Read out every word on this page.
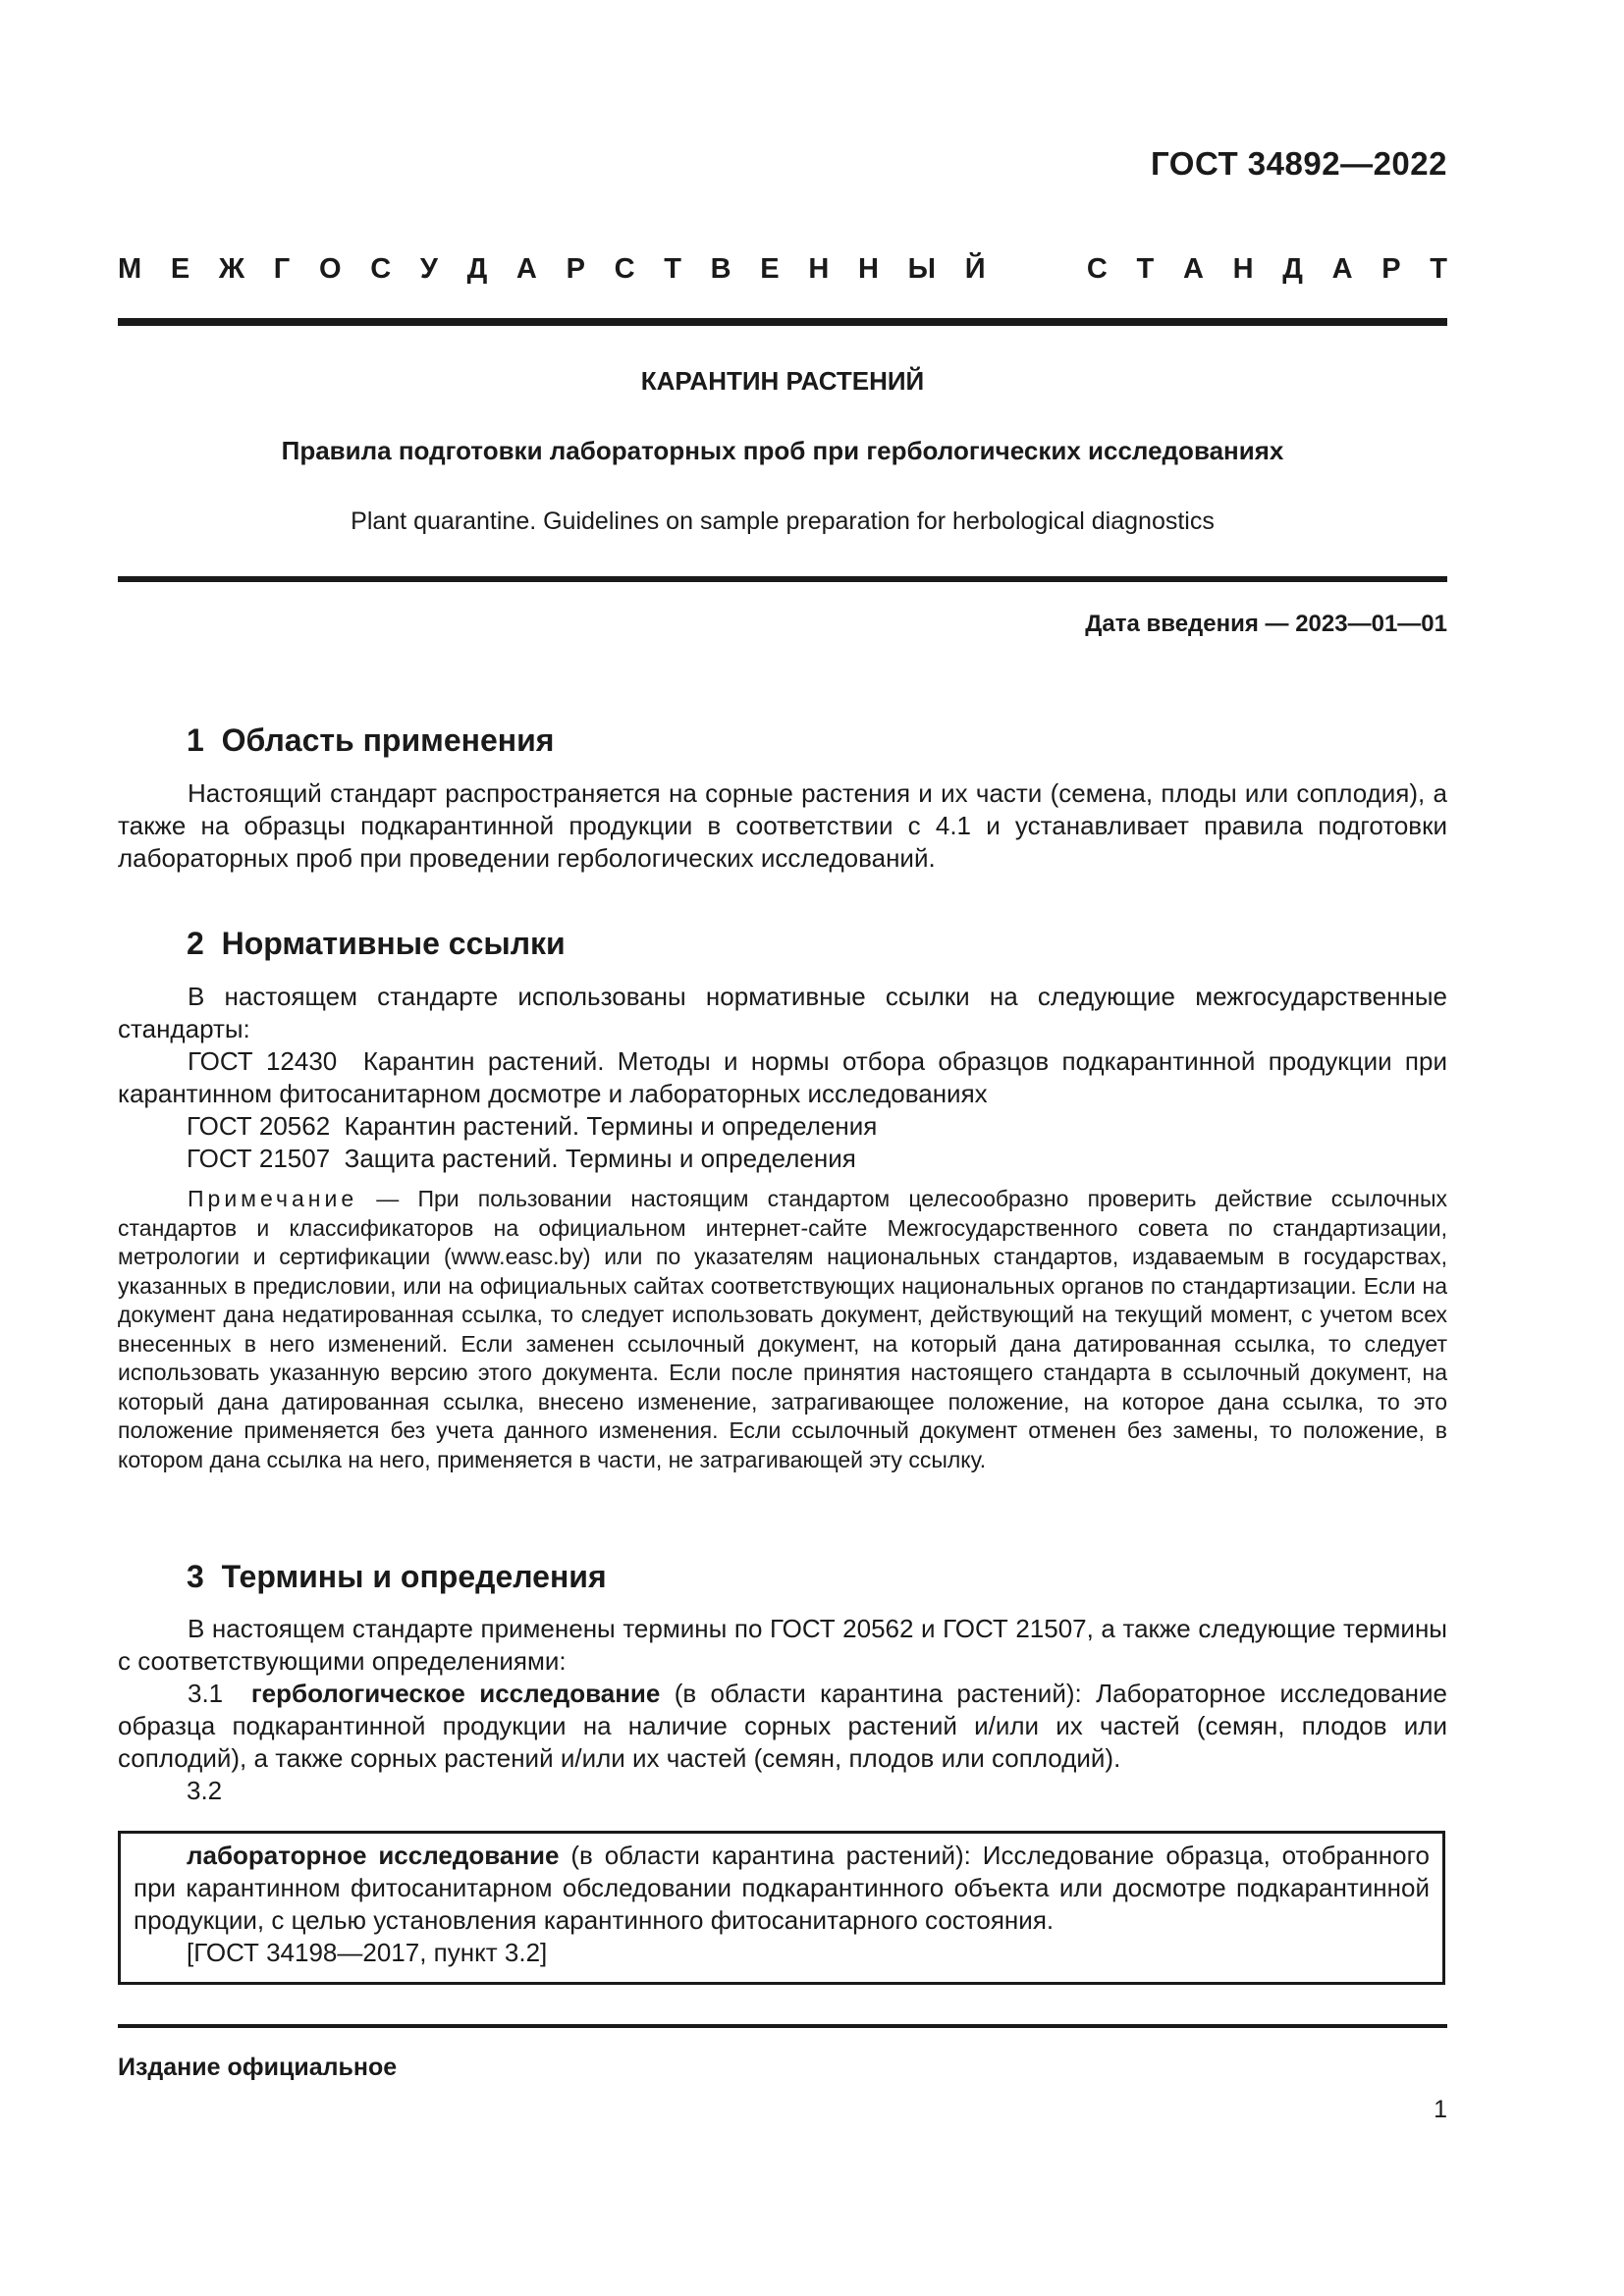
ГОСТ 34892—2022
М Е Ж Г О С У Д А Р С Т В Е Н Н Ы Й	С Т А Н Д А Р Т
КАРАНТИН РАСТЕНИЙ
Правила подготовки лабораторных проб при гербологических исследованиях
Plant quarantine. Guidelines on sample preparation for herbological diagnostics
Дата введения — 2023—01—01
1  Область применения
Настоящий стандарт распространяется на сорные растения и их части (семена, плоды или соплодия), а также на образцы подкарантинной продукции в соответствии с 4.1 и устанавливает правила подготовки лабораторных проб при проведении гербологических исследований.
2  Нормативные ссылки
В настоящем стандарте использованы нормативные ссылки на следующие межгосударственные стандарты:
ГОСТ 12430  Карантин растений. Методы и нормы отбора образцов подкарантинной продукции при карантинном фитосанитарном досмотре и лабораторных исследованиях
ГОСТ 20562  Карантин растений. Термины и определения
ГОСТ 21507  Защита растений. Термины и определения
Примечание — При пользовании настоящим стандартом целесообразно проверить действие ссылочных стандартов и классификаторов на официальном интернет-сайте Межгосударственного совета по стандартизации, метрологии и сертификации (www.easc.by) или по указателям национальных стандартов, издаваемым в государствах, указанных в предисловии, или на официальных сайтах соответствующих национальных органов по стандартизации. Если на документ дана недатированная ссылка, то следует использовать документ, действующий на текущий момент, с учетом всех внесенных в него изменений. Если заменен ссылочный документ, на который дана датированная ссылка, то следует использовать указанную версию этого документа. Если после принятия настоящего стандарта в ссылочный документ, на который дана датированная ссылка, внесено изменение, затрагивающее положение, на которое дана ссылка, то это положение применяется без учета данного изменения. Если ссылочный документ отменен без замены, то положение, в котором дана ссылка на него, применяется в части, не затрагивающей эту ссылку.
3  Термины и определения
В настоящем стандарте применены термины по ГОСТ 20562 и ГОСТ 21507, а также следующие термины с соответствующими определениями:
3.1  гербологическое исследование (в области карантина растений): Лабораторное исследование образца подкарантинной продукции на наличие сорных растений и/или их частей (семян, плодов или соплодий), а также сорных растений и/или их частей (семян, плодов или соплодий).
3.2
лабораторное исследование (в области карантина растений): Исследование образца, отобранного при карантинном фитосанитарном обследовании подкарантинного объекта или досмотре подкарантинной продукции, с целью установления карантинного фитосанитарного состояния.
[ГОСТ 34198—2017, пункт 3.2]
Издание официальное
1
